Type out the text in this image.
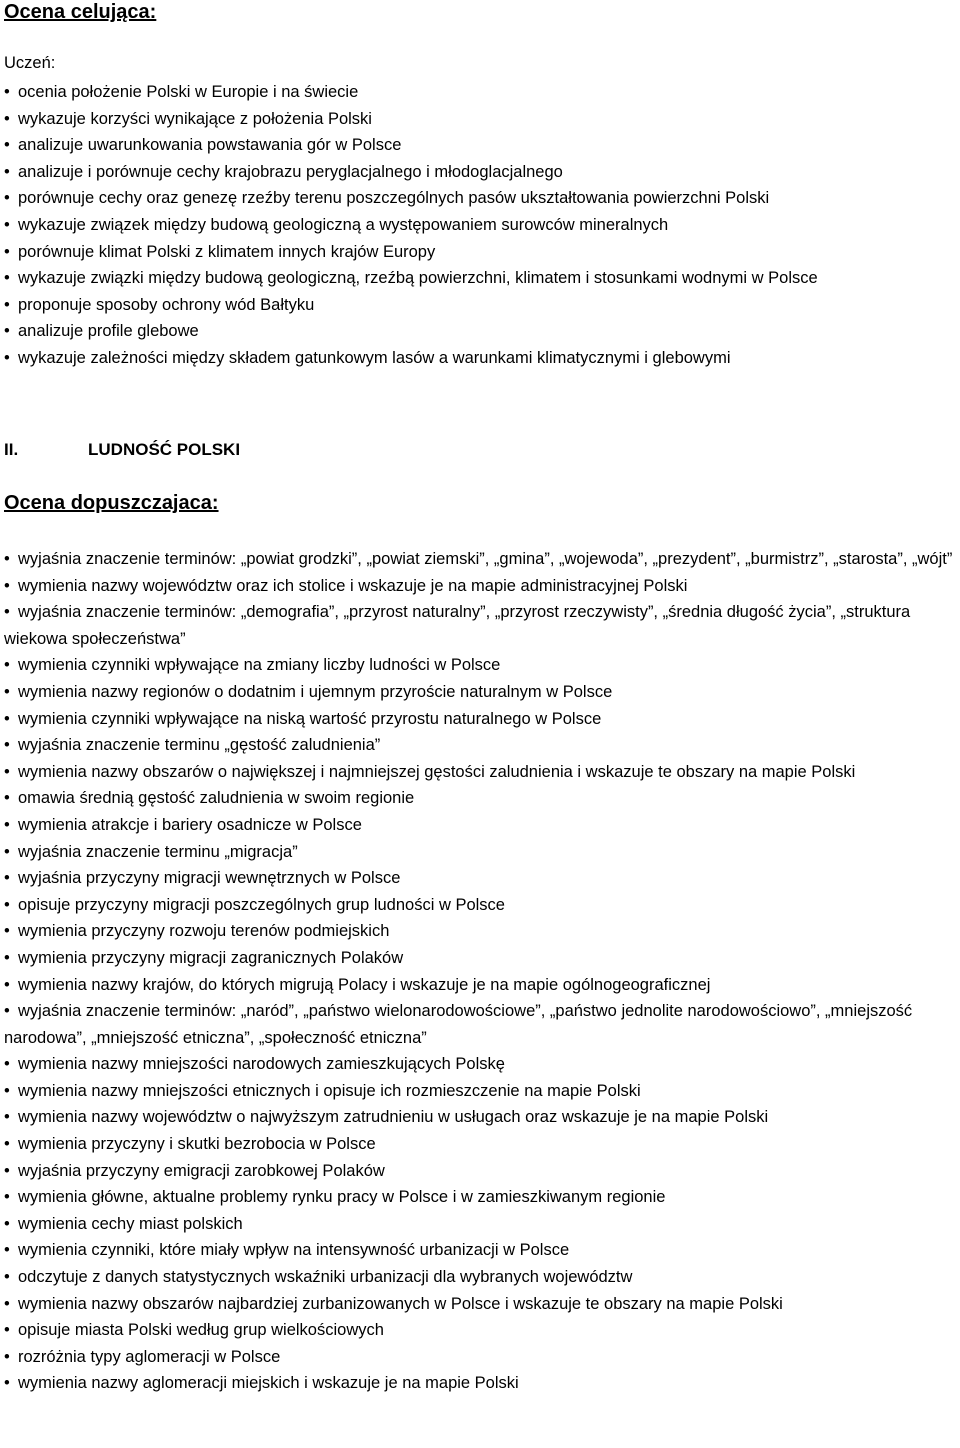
Ocena celująca:
Uczeń:
• ocenia położenie Polski w Europie i na świecie
• wykazuje korzyści wynikające z położenia Polski
• analizuje uwarunkowania powstawania gór w Polsce
• analizuje i porównuje cechy krajobrazu peryglacjalnego i młodoglacjalnego
• porównuje cechy oraz genezę rzeźby terenu poszczególnych pasów ukształtowania powierzchni Polski
• wykazuje związek między budową geologiczną a występowaniem surowców mineralnych
• porównuje klimat Polski z klimatem innych krajów Europy
• wykazuje związki między budową geologiczną, rzeźbą powierzchni, klimatem i stosunkami wodnymi w Polsce
• proponuje sposoby ochrony wód Bałtyku
• analizuje profile glebowe
• wykazuje zależności między składem gatunkowym lasów a warunkami klimatycznymi i glebowymi
II.	LUDNOŚĆ POLSKI
Ocena dopuszczajaca:
• wyjaśnia znaczenie terminów: „powiat grodzki”, „powiat ziemski”, „gmina”, „wojewoda”, „prezydent”, „burmistrz”, „starosta”, „wójt”
• wymienia nazwy województw oraz ich stolice i wskazuje je na mapie administracyjnej Polski
• wyjaśnia znaczenie terminów: „demografia”, „przyrost naturalny”, „przyrost rzeczywisty”, „średnia długość życia”, „struktura wiekowa społeczeństwa”
• wymienia czynniki wpływające na zmiany liczby ludności w Polsce
• wymienia nazwy regionów o dodatnim i ujemnym przyroście naturalnym w Polsce
• wymienia czynniki wpływające na niską wartość przyrostu naturalnego w Polsce
• wyjaśnia znaczenie terminu „gęstość zaludnienia”
• wymienia nazwy obszarów o największej i najmniejszej gęstości zaludnienia i wskazuje te obszary na mapie Polski
• omawia średnią gęstość zaludnienia w swoim regionie
• wymienia atrakcje i bariery osadnicze w Polsce
• wyjaśnia znaczenie terminu „migracja”
• wyjaśnia przyczyny migracji wewnętrznych w Polsce
• opisuje przyczyny migracji poszczególnych grup ludności w Polsce
• wymienia przyczyny rozwoju terenów podmiejskich
• wymienia przyczyny migracji zagranicznych Polaków
• wymienia nazwy krajów, do których migrują Polacy i wskazuje je na mapie ogólnogeograficznej
• wyjaśnia znaczenie terminów: „naród”, „państwo wielonarodowościowe”, „państwo jednolite narodowościowo”, „mniejszość narodowa”, „mniejszość etniczna”, „społeczność etniczna”
• wymienia nazwy mniejszości narodowych zamieszkujących Polskę
• wymienia nazwy mniejszości etnicznych i opisuje ich rozmieszczenie na mapie Polski
• wymienia nazwy województw o najwyższym zatrudnieniu w usługach oraz wskazuje je na mapie Polski
• wymienia przyczyny i skutki bezrobocia w Polsce
• wyjaśnia przyczyny emigracji zarobkowej Polaków
• wymienia główne, aktualne problemy rynku pracy w Polsce i w zamieszkiwanym regionie
• wymienia cechy miast polskich
• wymienia czynniki, które miały wpływ na intensywność urbanizacji w Polsce
• odczytuje z danych statystycznych wskaźniki urbanizacji dla wybranych województw
• wymienia nazwy obszarów najbardziej zurbanizowanych w Polsce i wskazuje te obszary na mapie Polski
• opisuje miasta Polski według grup wielkościowych
• rozróżnia typy aglomeracji w Polsce
• wymienia nazwy aglomeracji miejskich i wskazuje je na mapie Polski
